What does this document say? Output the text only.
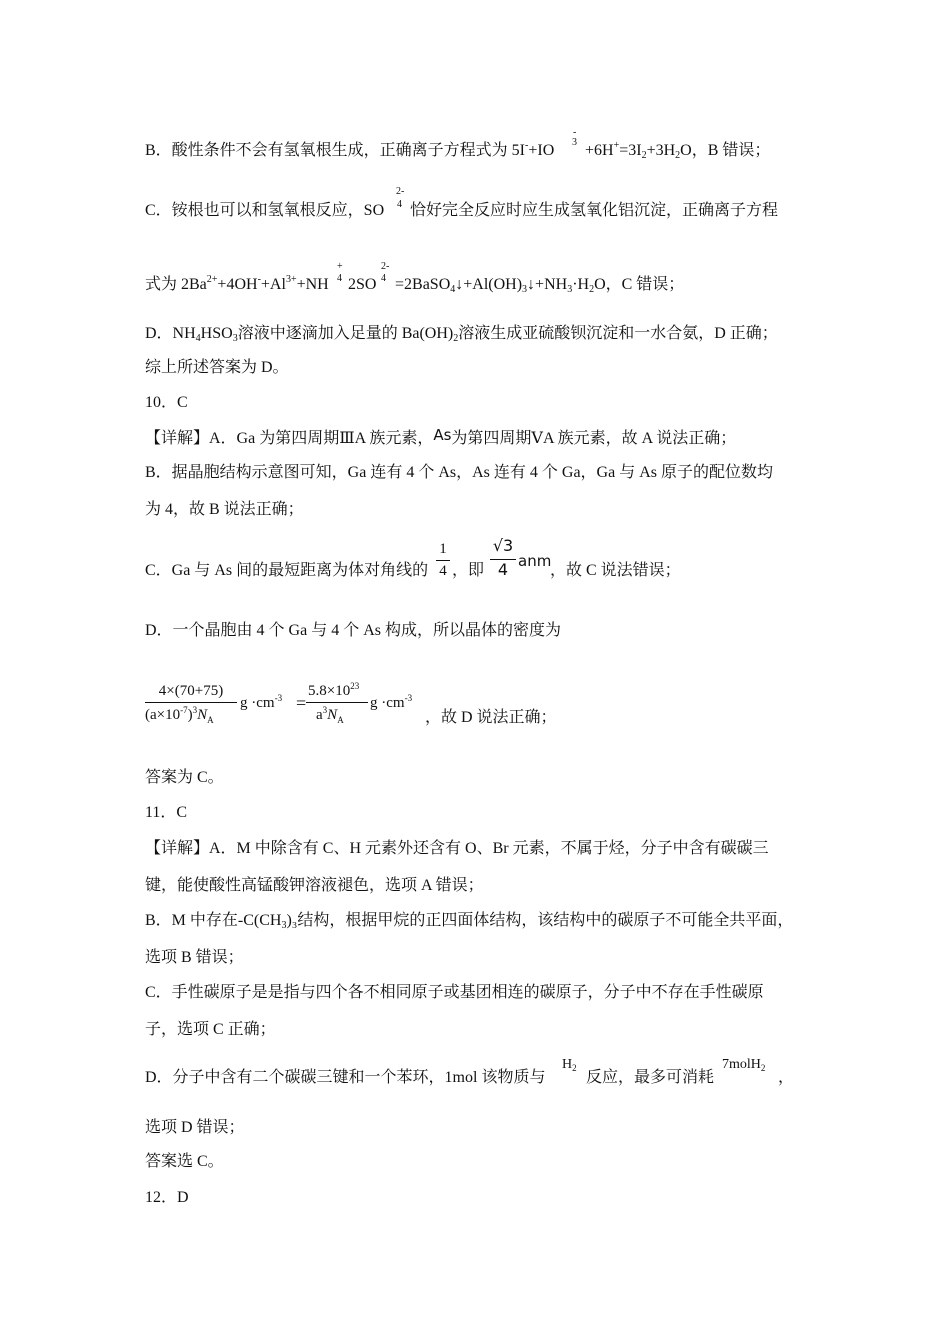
B．酸性条件不会有氢氧根生成，正确离子方程式为 5I-+IO
-
$3 +6H^+=3I_2+3H_2O$，B 错误；
C．铵根也可以和氢氧根反应，SO
2-
4 恰好完全反应时应生成氢氧化铝沉淀，正确离子方程
式为 $2Ba^{2+}+4OH^-+Al^{3+}+NH$
+
4 2SO
2-
$4 =2BaSO_4↓+Al(OH)_3↓+NH_3\cdot H_2O$，C 错误；
D．$NH_4HSO_3$溶液中逐滴加入足量的 $Ba(OH)_2$溶液生成亚硫酸钡沉淀和一水合氨，D 正确；
综上所述答案为 D。
10．C
【详解】A．Ga 为第四周期ⅢA 族元素，As为第四周期ⅤA 族元素，故 A 说法正确；
B．据晶胞结构示意图可知，Ga 连有 4 个 As，As 连有 4 个 Ga，Ga 与 As 原子的配位数均
为 4，故 B 说法正确；
C．Ga 与 As 间的最短距离为体对角线的
1
4 ，即
√3
4 anm
，故 C 说法错误；
D．一个晶胞由 4 个 Ga 与 4 个 As 构成，所以晶体的密度为
4×(70+75)
$(a\times 10^{-7})^3N_A$
$g \cdot cm^{-3}$ =
$5.8\times 10^{23}$
$a^3N_A$
$g \cdot cm^{-3}$
，故 D 说法正确；
答案为 C。
11．C
【详解】A．M 中除含有 C、H 元素外还含有 O、Br 元素，不属于烃，分子中含有碳碳三
键，能使酸性高锰酸钾溶液褪色，选项 A 错误；
B．M 中存在$-C(CH_3)_3$结构，根据甲烷的正四面体结构，该结构中的碳原子不可能全共平面，
选项 B 错误；
C．手性碳原子是是指与四个各不相同原子或基团相连的碳原子，分子中不存在手性碳原
子，选项 C 正确；
D．分子中含有二个碳碳三键和一个苯环，1mol 该物质与
$H_2$
反应，最多可消耗
7molH$_2$
，
选项 D 错误；
答案选 C。
12．D
